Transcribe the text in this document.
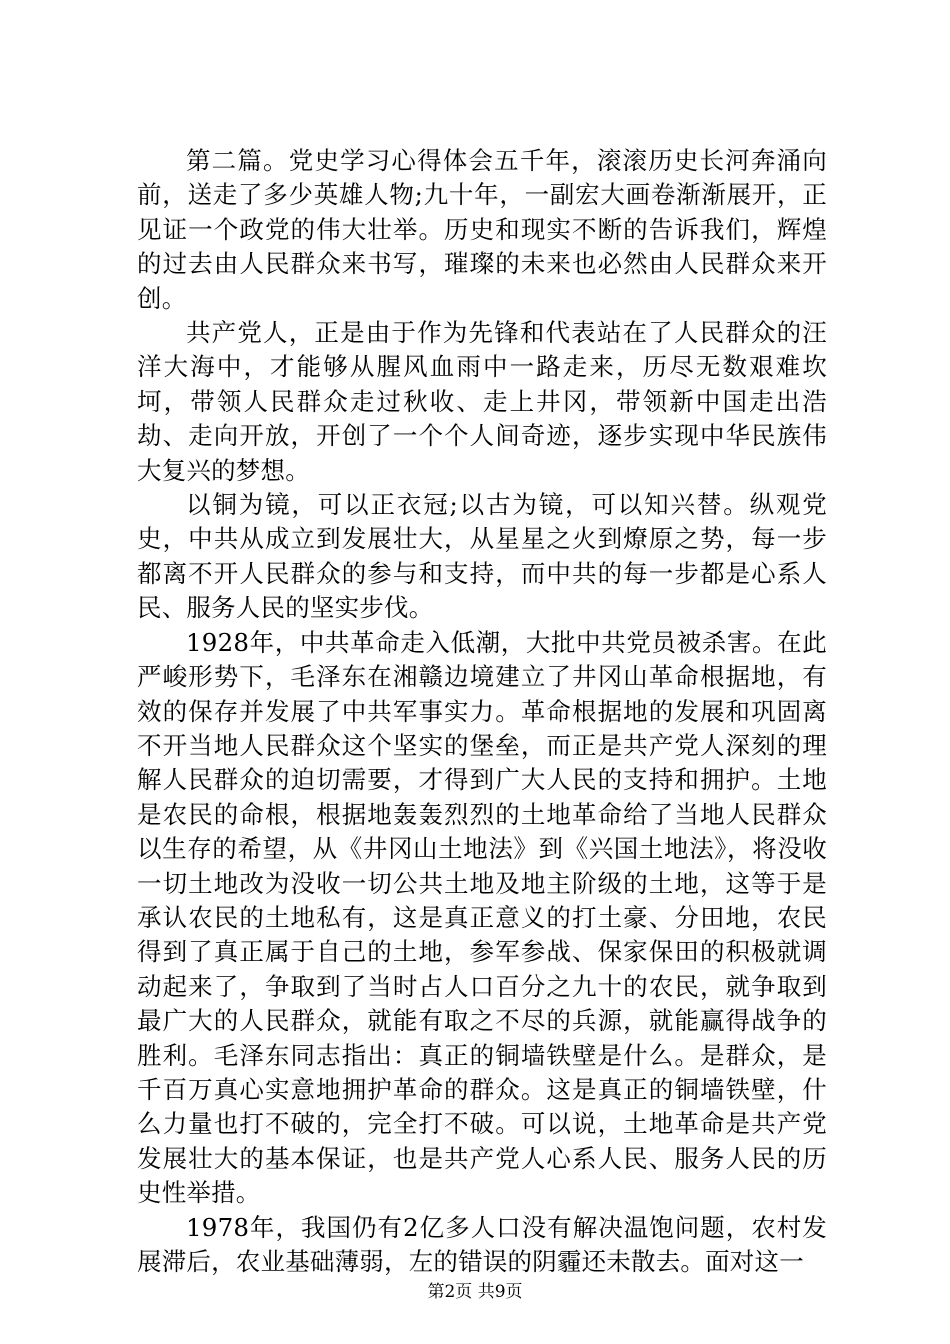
第二篇。党史学习心得体会五千年，滚滚历史长河奔涌向前，送走了多少英雄人物;九十年，一副宏大画卷渐渐展开，正见证一个政党的伟大壮举。历史和现实不断的告诉我们，辉煌的过去由人民群众来书写，璀璨的未来也必然由人民群众来开创。

共产党人，正是由于作为先锋和代表站在了人民群众的汪洋大海中，才能够从腥风血雨中一路走来，历尽无数艰难坎坷，带领人民群众走过秋收、走上井冈，带领新中国走出浩劫、走向开放，开创了一个个人间奇迹，逐步实现中华民族伟大复兴的梦想。

以铜为镜，可以正衣冠;以古为镜，可以知兴替。纵观党史，中共从成立到发展壮大，从星星之火到燎原之势，每一步都离不开人民群众的参与和支持，而中共的每一步都是心系人民、服务人民的坚实步伐。

1928年，中共革命走入低潮，大批中共党员被杀害。在此严峻形势下，毛泽东在湘赣边境建立了井冈山革命根据地，有效的保存并发展了中共军事实力。革命根据地的发展和巩固离不开当地人民群众这个坚实的堡垒，而正是共产党人深刻的理解人民群众的迫切需要，才得到广大人民的支持和拥护。土地是农民的命根，根据地轰轰烈烈的土地革命给了当地人民群众以生存的希望，从《井冈山土地法》到《兴国土地法》，将没收一切土地改为没收一切公共土地及地主阶级的土地，这等于是承认农民的土地私有，这是真正意义的打土豪、分田地，农民得到了真正属于自己的土地，参军参战、保家保田的积极就调动起来了，争取到了当时占人口百分之九十的农民，就争取到最广大的人民群众，就能有取之不尽的兵源，就能赢得战争的胜利。毛泽东同志指出：真正的铜墙铁壁是什么。是群众，是千百万真心实意地拥护革命的群众。这是真正的铜墙铁壁，什么力量也打不破的，完全打不破。可以说，土地革命是共产党发展壮大的基本保证，也是共产党人心系人民、服务人民的历史性举措。

1978年，我国仍有2亿多人口没有解决温饱问题，农村发展滞后，农业基础薄弱，左的错误的阴霾还未散去。面对这一

第2页 共9页
